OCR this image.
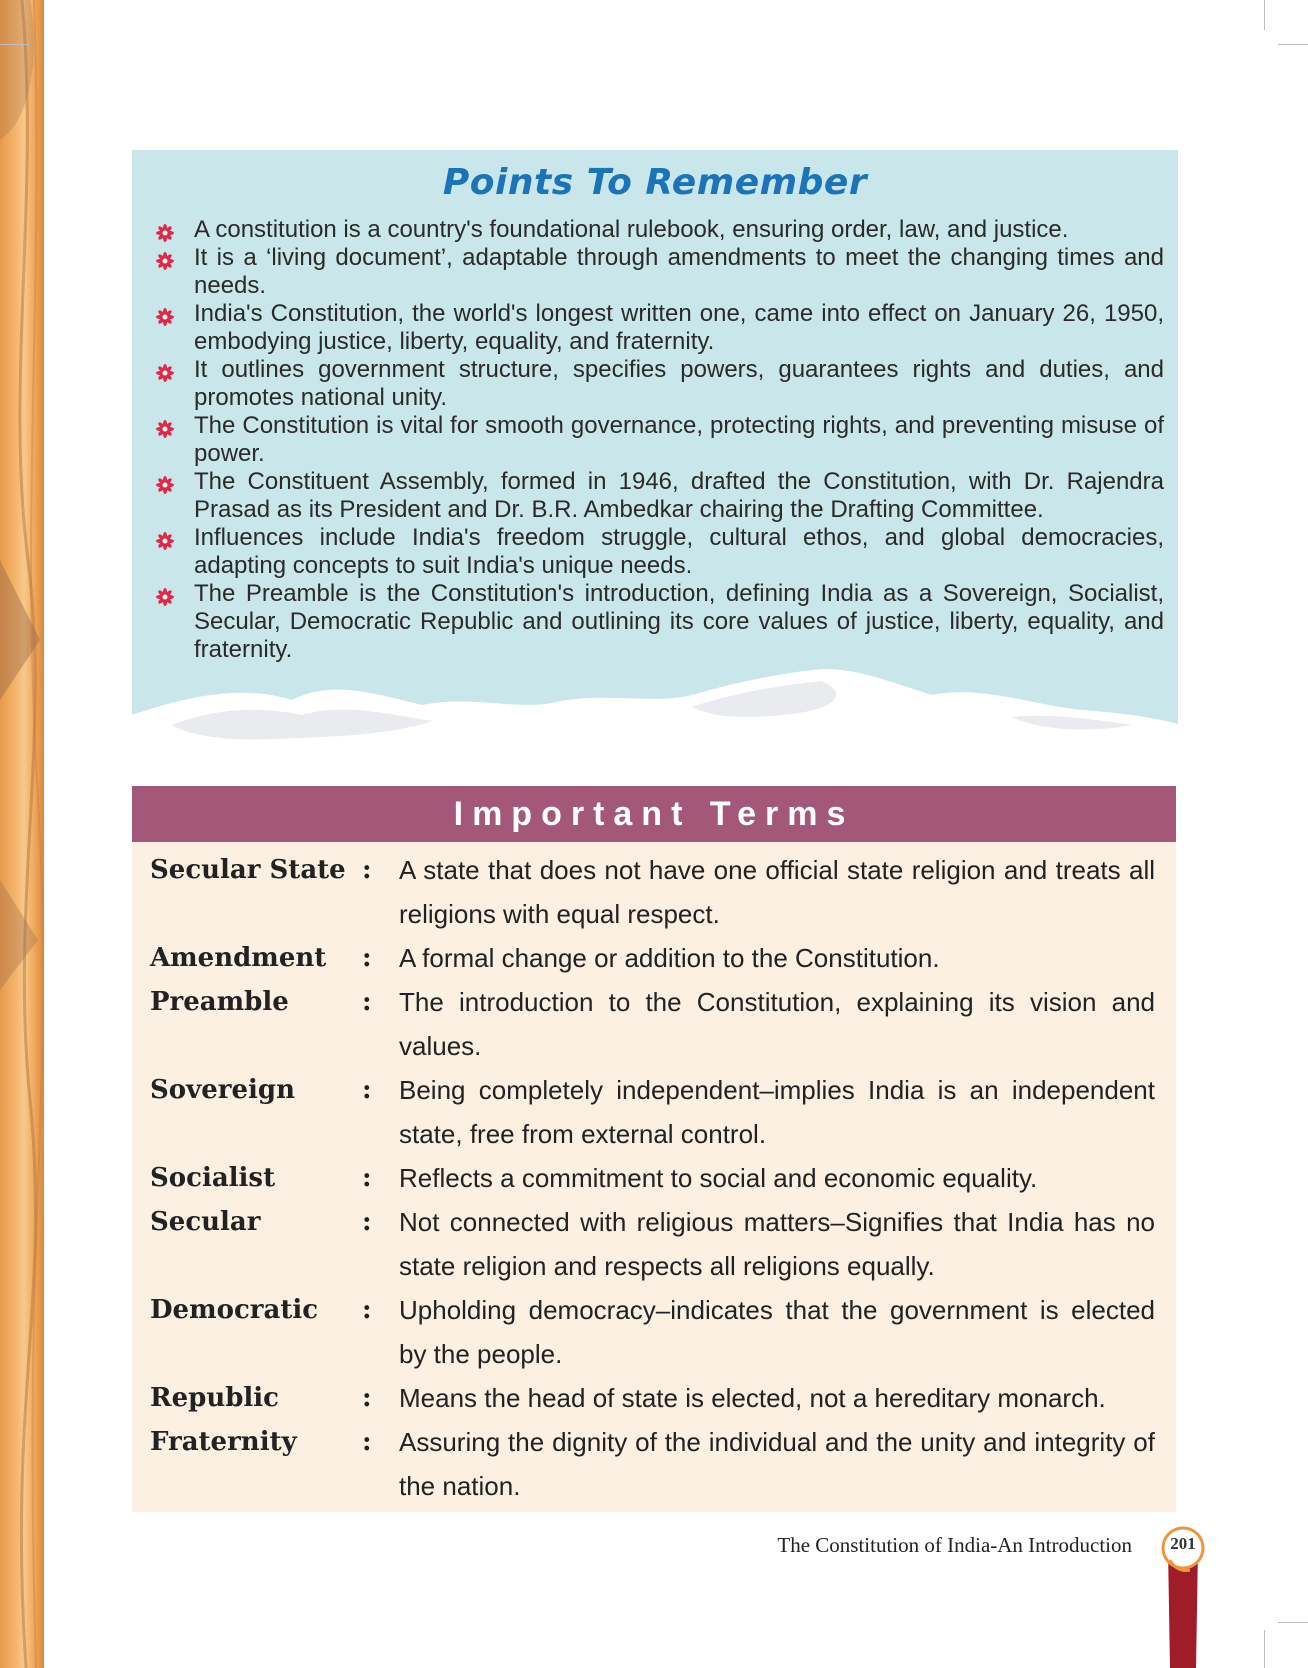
Points To Remember
A constitution is a country's foundational rulebook, ensuring order, law, and justice.
It is a ‘living document’, adaptable through amendments to meet the changing times and needs.
India's Constitution, the world's longest written one, came into effect on January 26, 1950, embodying justice, liberty, equality, and fraternity.
It outlines government structure, specifies powers, guarantees rights and duties, and promotes national unity.
The Constitution is vital for smooth governance, protecting rights, and preventing misuse of power.
The Constituent Assembly, formed in 1946, drafted the Constitution, with Dr. Rajendra Prasad as its President and Dr. B.R. Ambedkar chairing the Drafting Committee.
Influences include India's freedom struggle, cultural ethos, and global democracies, adapting concepts to suit India's unique needs.
The Preamble is the Constitution's introduction, defining India as a Sovereign, Socialist, Secular, Democratic Republic and outlining its core values of justice, liberty, equality, and fraternity.
Important Terms
Secular State : A state that does not have one official state religion and treats all religions with equal respect.
Amendment : A formal change or addition to the Constitution.
Preamble	: The introduction to the Constitution, explaining its vision and values.
Sovereign	: Being completely independent–implies India is an independent state, free from external control.
Socialist	: Reflects a commitment to social and economic equality.
Secular	: Not connected with religious matters–Signifies that India has no state religion and respects all religions equally.
Democratic : Upholding democracy–indicates that the government is elected by the people.
Republic	: Means the head of state is elected, not a hereditary monarch.
Fraternity	: Assuring the dignity of the individual and the unity and integrity of the nation.
The Constitution of India-An Introduction	201
